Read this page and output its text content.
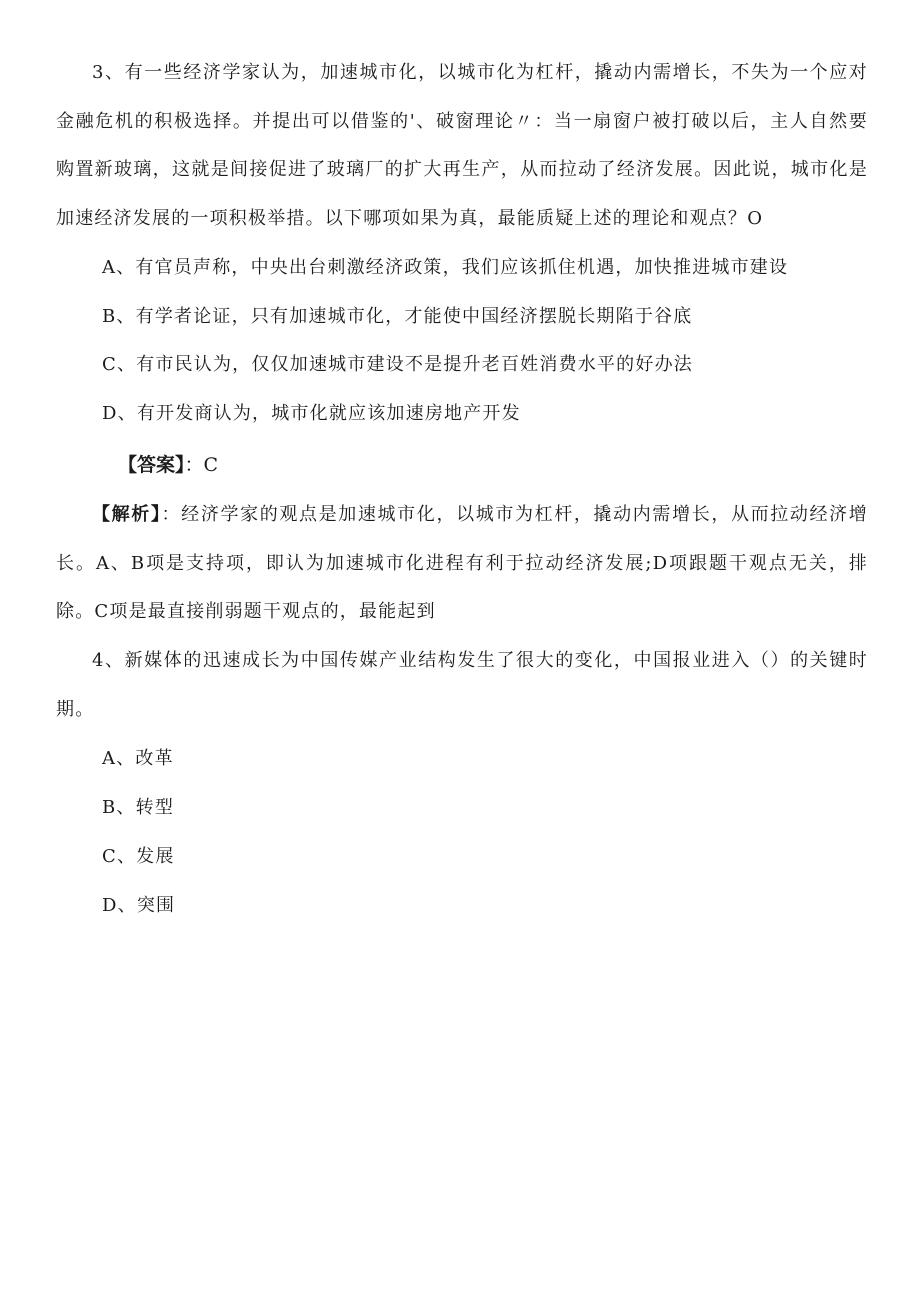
3、有一些经济学家认为，加速城市化，以城市化为杠杆，撬动内需增长，不失为一个应对金融危机的积极选择。并提出可以借鉴的'、破窗理论〃：当一扇窗户被打破以后，主人自然要购置新玻璃，这就是间接促进了玻璃厂的扩大再生产，从而拉动了经济发展。因此说，城市化是加速经济发展的一项积极举措。以下哪项如果为真，最能质疑上述的理论和观点？O

A、有官员声称，中央出台刺激经济政策，我们应该抓住机遇，加快推进城市建设

B、有学者论证，只有加速城市化，才能使中国经济摆脱长期陷于谷底

C、有市民认为，仅仅加速城市建设不是提升老百姓消费水平的好办法

D、有开发商认为，城市化就应该加速房地产开发

【答案】：C

【解析】：经济学家的观点是加速城市化，以城市为杠杆，撬动内需增长，从而拉动经济增长。A、B项是支持项，即认为加速城市化进程有利于拉动经济发展;D项跟题干观点无关，排除。C项是最直接削弱题干观点的，最能起到

4、新媒体的迅速成长为中国传媒产业结构发生了很大的变化，中国报业进入（）的关键时期。

A、改革

B、转型

C、发展

D、突围
